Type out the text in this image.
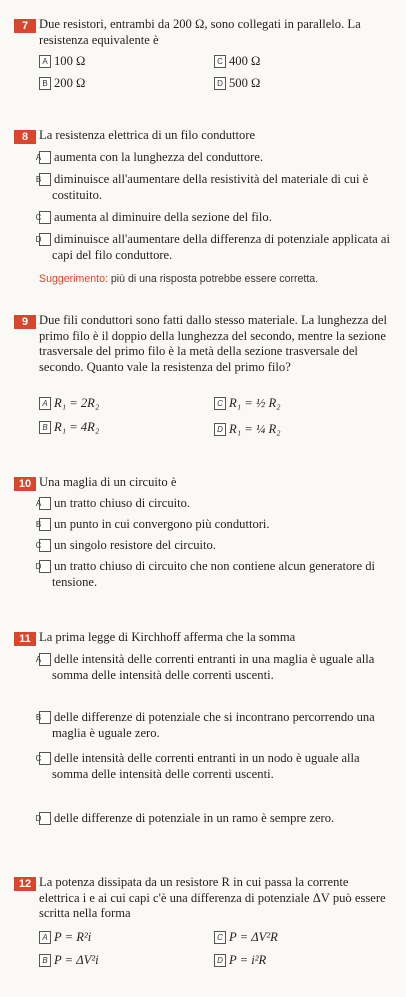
7 Due resistori, entrambi da 200 Ω, sono collegati in parallelo. La resistenza equivalente è
A 100 Ω	C 400 Ω
B 200 Ω	D 500 Ω
8 La resistenza elettrica di un filo conduttore
A aumenta con la lunghezza del conduttore.
B diminuisce all'aumentare della resistività del materiale di cui è costituito.
C aumenta al diminuire della sezione del filo.
D diminuisce all'aumentare della differenza di potenziale applicata ai capi del filo conduttore.
Suggerimento: più di una risposta potrebbe essere corretta.
9 Due fili conduttori sono fatti dallo stesso materiale. La lunghezza del primo filo è il doppio della lunghezza del secondo, mentre la sezione trasversale del primo filo è la metà della sezione trasversale del secondo. Quanto vale la resistenza del primo filo?
A R₁ = 2R₂	C R₁ = ½ R₂
B R₁ = 4R₂	D R₁ = ¼ R₂
10 Una maglia di un circuito è
A un tratto chiuso di circuito.
B un punto in cui convergono più conduttori.
C un singolo resistore del circuito.
D un tratto chiuso di circuito che non contiene alcun generatore di tensione.
11 La prima legge di Kirchhoff afferma che la somma
A delle intensità delle correnti entranti in una maglia è uguale alla somma delle intensità delle correnti uscenti.
B delle differenze di potenziale che si incontrano percorrendo una maglia è uguale zero.
C delle intensità delle correnti entranti in un nodo è uguale alla somma delle intensità delle correnti uscenti.
D delle differenze di potenziale in un ramo è sempre zero.
12 La potenza dissipata da un resistore R in cui passa la corrente elettrica i e ai cui capi c'è una differenza di potenziale ΔV può essere scritta nella forma
A P = R²i	C P = ΔV²R
B P = ΔV²i	D P = i²R
